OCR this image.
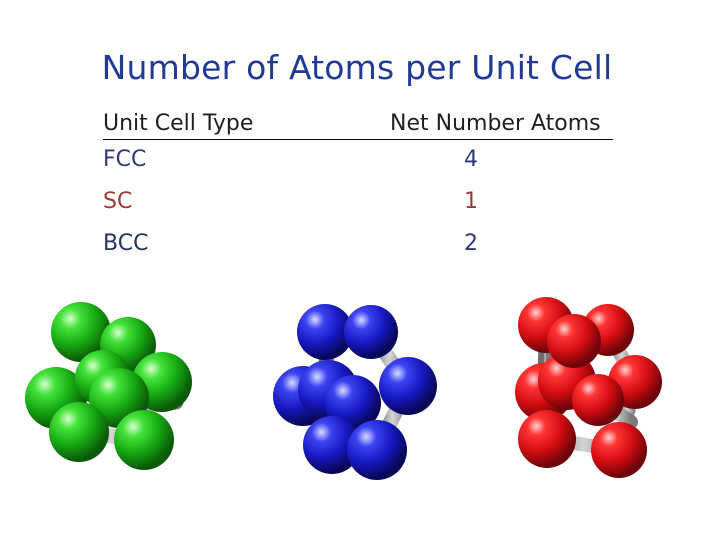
Number of Atoms per Unit Cell
Unit Cell Type	Net Number Atoms
FCC	4
SC	1
BCC	2
